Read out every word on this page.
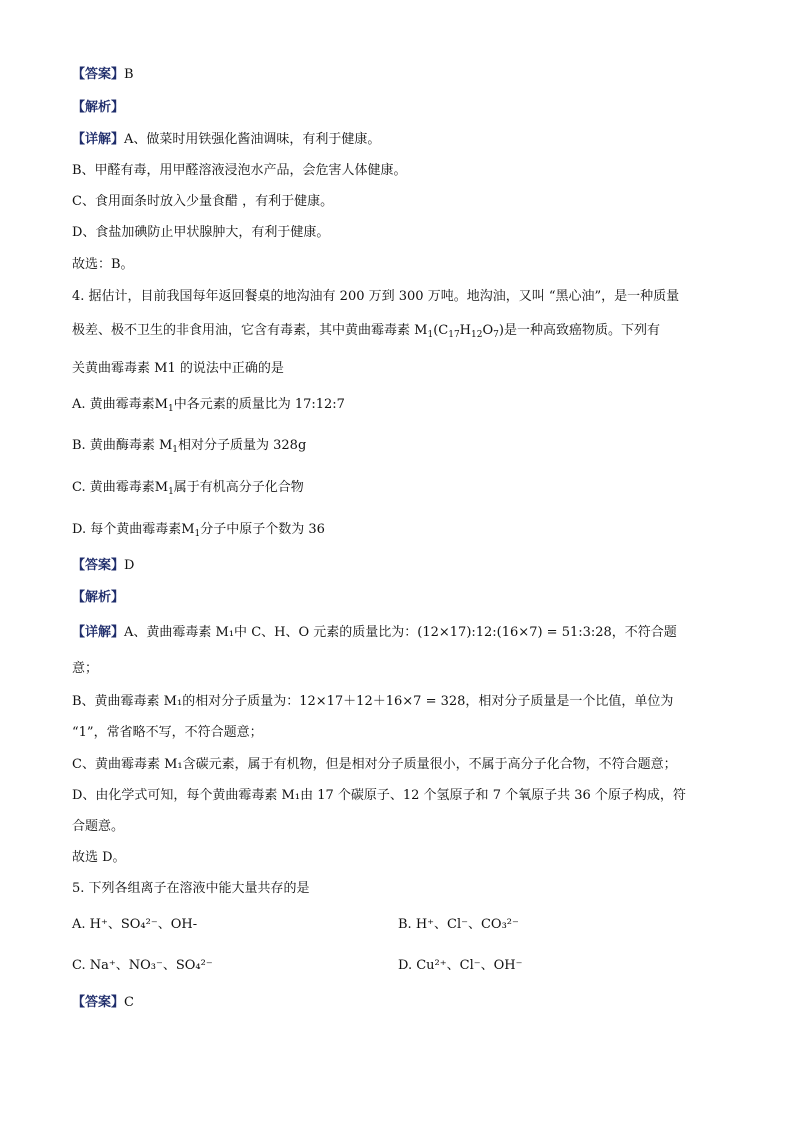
【答案】B
【解析】
【详解】A、做菜时用铁强化酱油调味，有利于健康。
B、甲醛有毒，用甲醛溶液浸泡水产品，会危害人体健康。
C、食用面条时放入少量食醋 ，有利于健康。
D、食盐加碘防止甲状腺肿大，有利于健康。
故选：B。
4. 据估计，目前我国每年返回餐桌的地沟油有 200 万到 300 万吨。地沟油，又叫 “黑心油”，是一种质量
极差、极不卫生的非食用油，它含有毒素，其中黄曲霉毒素 $M_1(C_{17}H_{12}O_7)$是一种高致癌物质。下列有
关黄曲霉毒素 M1 的说法中正确的是
A. 黄曲霉毒素$M_1$中各元素的质量比为 17:12:7
B. 黄曲酶毒素 $M_1$相对分子质量为 328g
C. 黄曲霉毒素$M_1$属于有机高分子化合物
D. 每个黄曲霉毒素$M_1$分子中原子个数为 36
【答案】D
【解析】
【详解】A、黄曲霉毒素 M₁中 C、H、O 元素的质量比为：(12×17):12:(16×7) = 51:3:28，不符合题
意；
B、黄曲霉毒素 M₁的相对分子质量为：12×17＋12＋16×7 = 328，相对分子质量是一个比值，单位为
“1”，常省略不写，不符合题意；
C、黄曲霉毒素 M₁含碳元素，属于有机物，但是相对分子质量很小，不属于高分子化合物，不符合题意；
D、由化学式可知，每个黄曲霉毒素 M₁由 17 个碳原子、12 个氢原子和 7 个氧原子共 36 个原子构成，符
合题意。
故选 D。
5. 下列各组离子在溶液中能大量共存的是
A. H⁺、SO₄²⁻、OH-	B. H⁺、Cl⁻、CO₃²⁻
C. Na⁺、NO₃⁻、SO₄²⁻	D. Cu²⁺、Cl⁻、OH⁻
【答案】C
